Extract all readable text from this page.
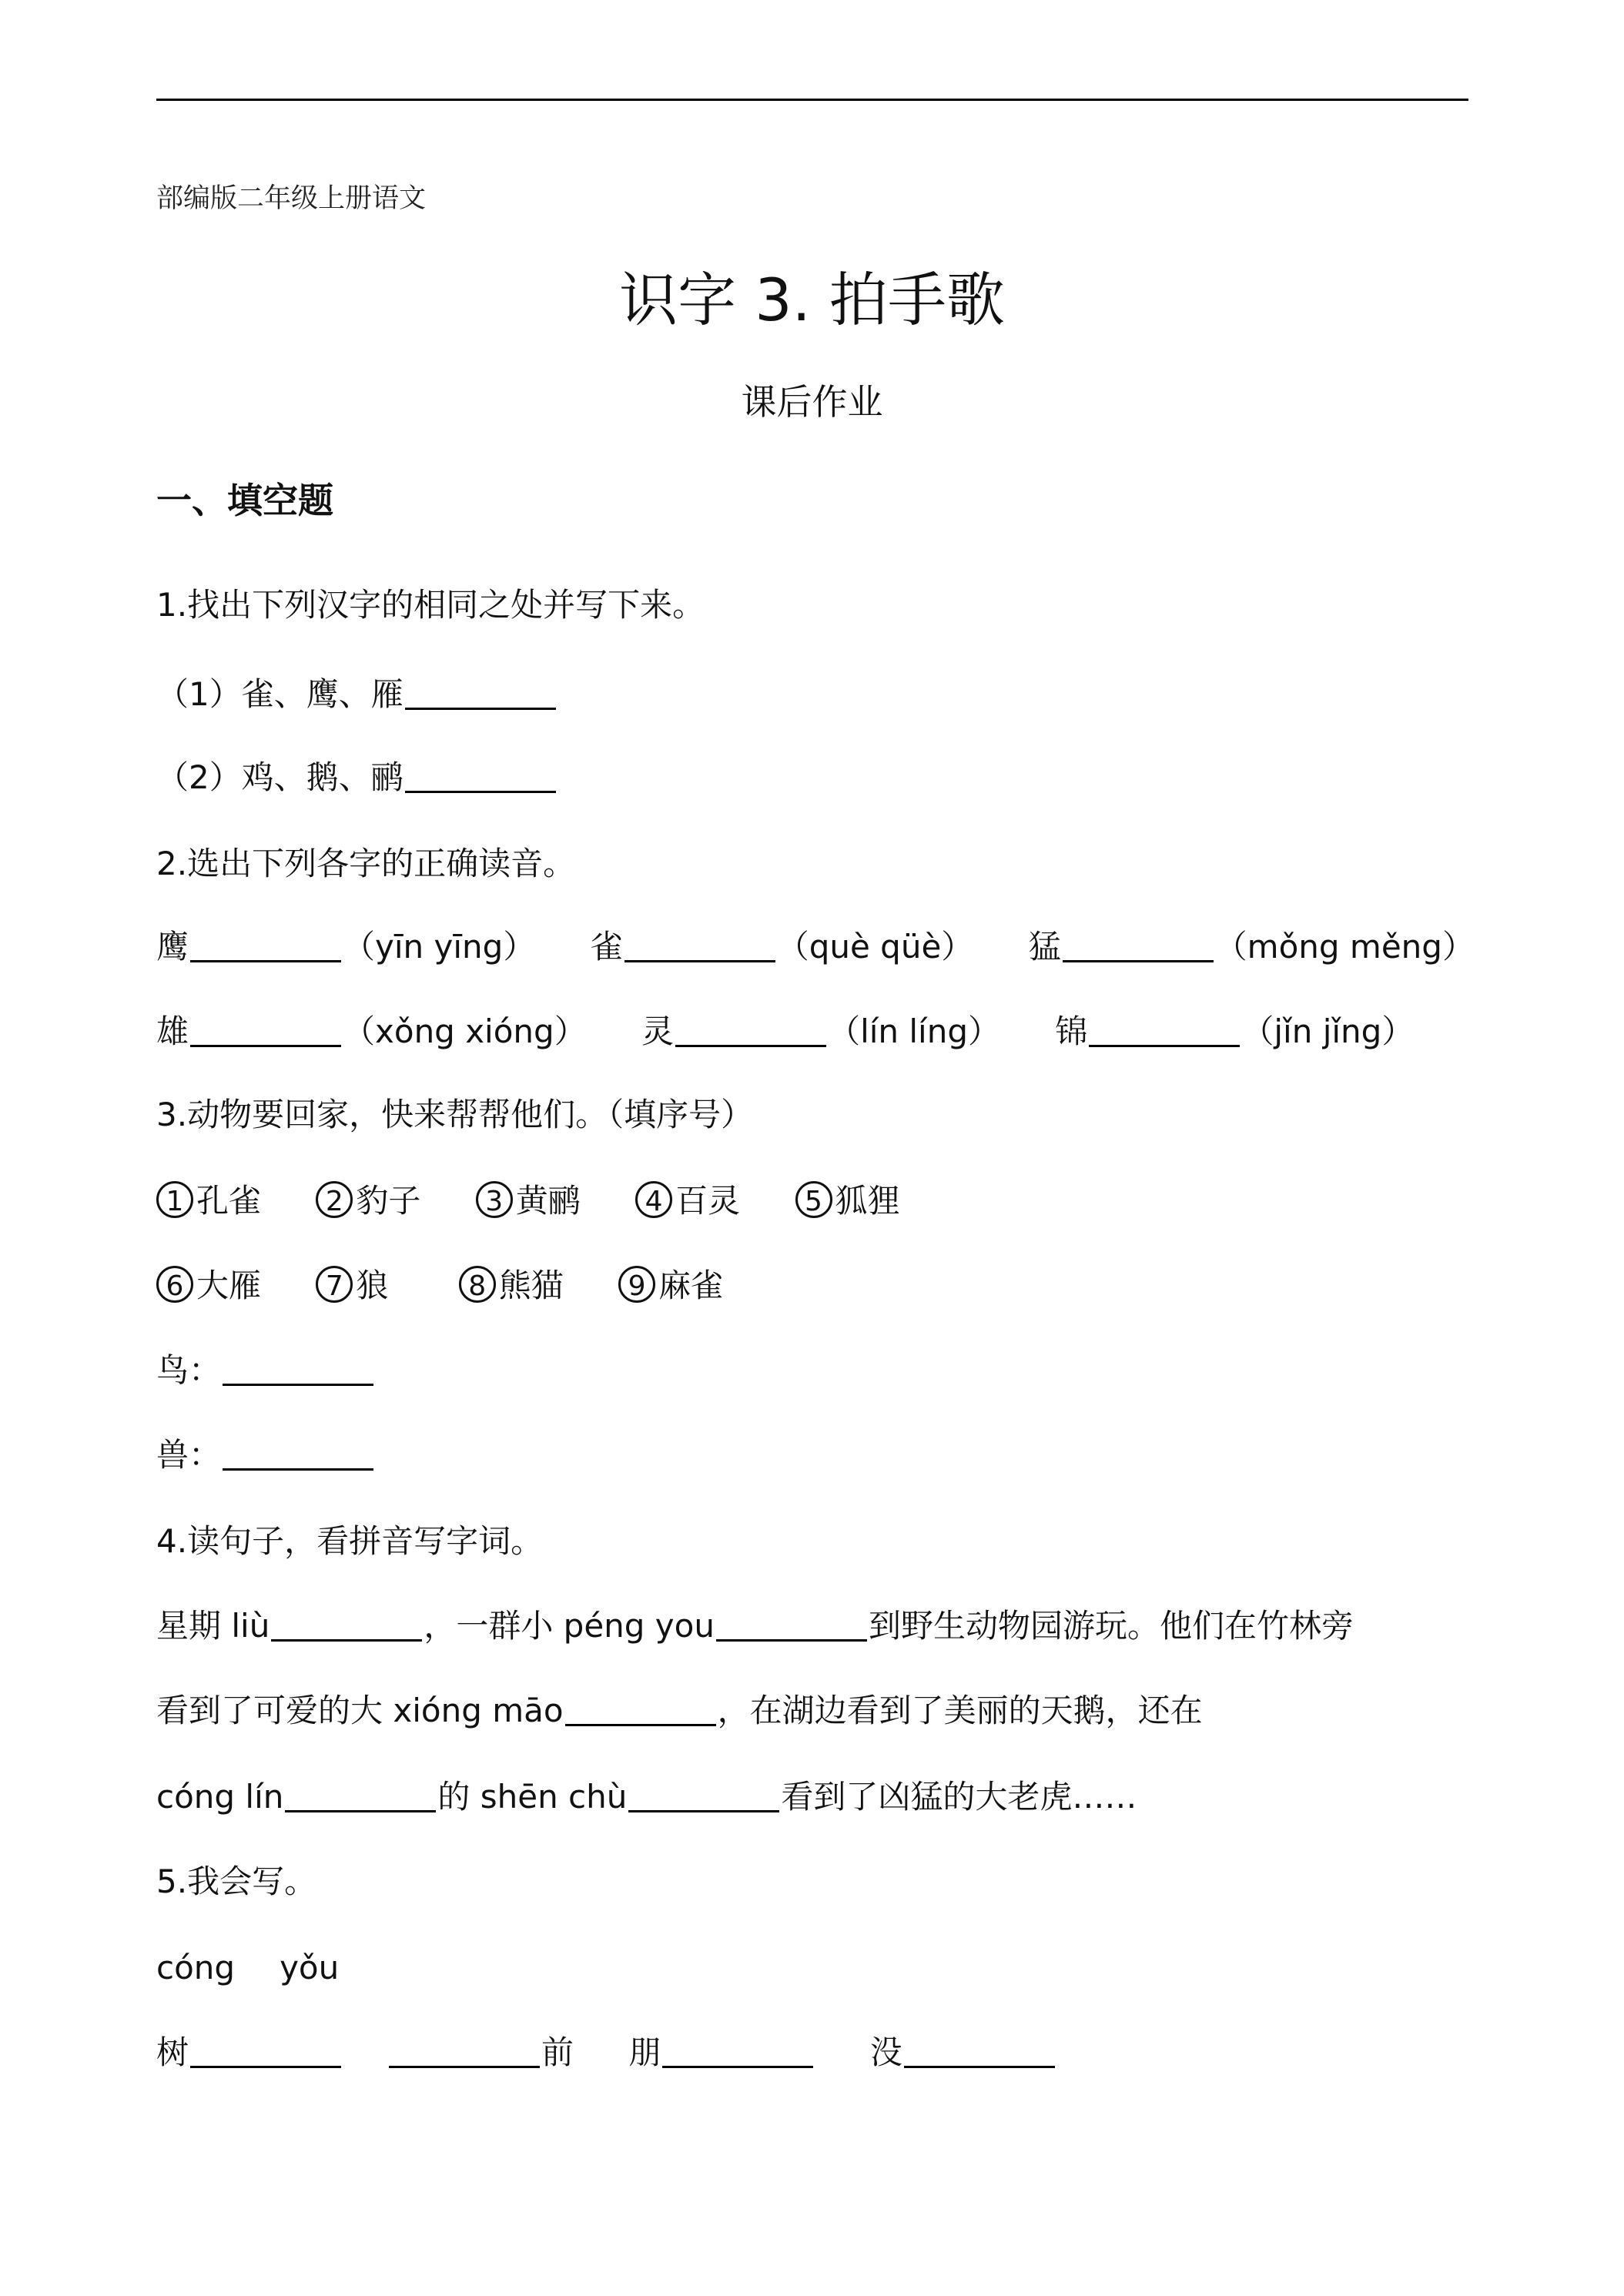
部编版二年级上册语文
识字 3. 拍手歌
课后作业
一、填空题
1.找出下列汉字的相同之处并写下来。
（1）雀、鹰、雁
（2）鸡、鹅、鹂
2.选出下列各字的正确读音。
鹰	（yīn yīng） 雀	（què qüè） 猛	（mǒng měng）
雄	（xǒng xióng） 灵	（lín líng） 锦	（jǐn jǐng）
3.动物要回家，快来帮帮他们。（填序号）
1 孔雀 2 豹子 3 黄鹂 4 百灵 5 狐狸
6 大雁 7 狼	8 熊猫 9 麻雀
鸟：
兽：
4.读句子，看拼音写字词。
星期 liù	，一群小 péng you	到野生动物园游玩。他们在竹林旁
看到了可爱的大 xióng māo	，在湖边看到了美丽的天鹅，还在
cóng lín	的 shēn chù	看到了凶猛的大老虎……
5.我会写。
cóng yǒu
树	前 朋	没
